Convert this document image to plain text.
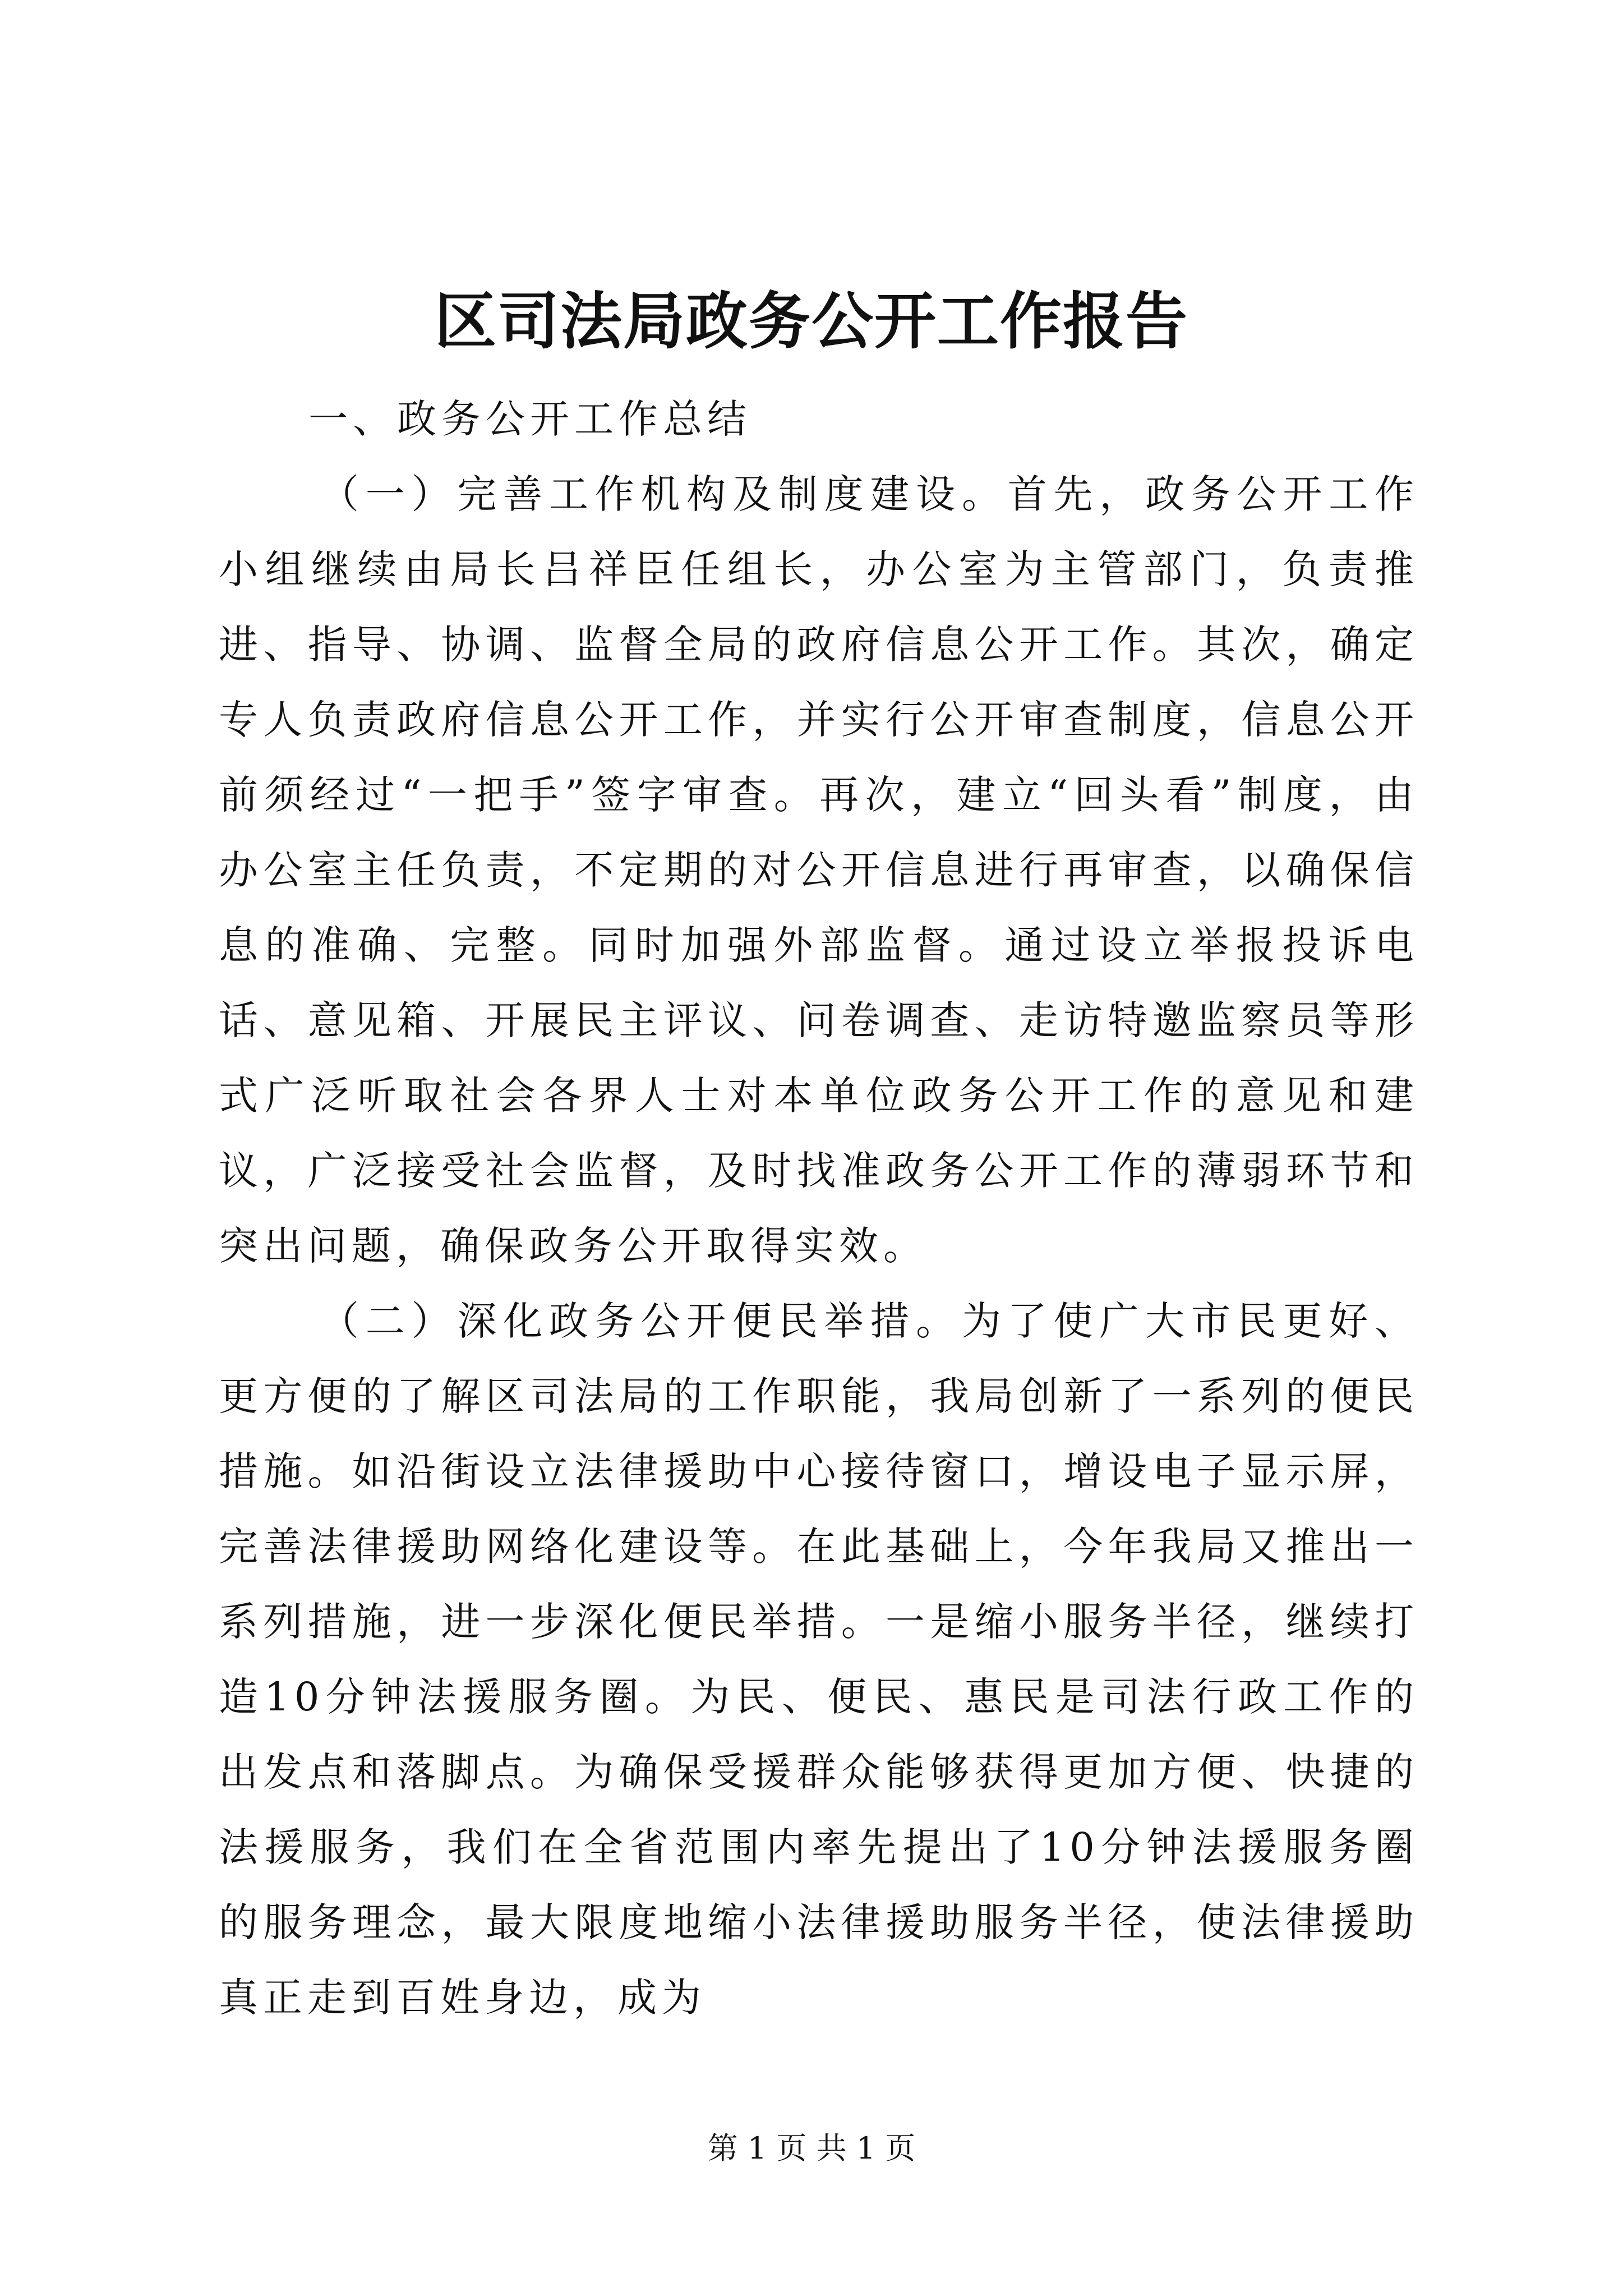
区司法局政务公开工作报告

一、政务公开工作总结

（一）完善工作机构及制度建设。首先，政务公开工作小组继续由局长吕祥臣任组长，办公室为主管部门，负责推进、指导、协调、监督全局的政府信息公开工作。其次，确定专人负责政府信息公开工作，并实行公开审查制度，信息公开前须经过“一把手”签字审查。再次，建立“回头看”制度，由办公室主任负责，不定期的对公开信息进行再审查，以确保信息的准确、完整。同时加强外部监督。通过设立举报投诉电话、意见箱、开展民主评议、问卷调查、走访特邀监察员等形式广泛听取社会各界人士对本单位政务公开工作的意见和建议，广泛接受社会监督，及时找准政务公开工作的薄弱环节和突出问题，确保政务公开取得实效。

（二）深化政务公开便民举措。为了使广大市民更好、更方便的了解区司法局的工作职能，我局创新了一系列的便民措施。如沿街设立法律援助中心接待窗口，增设电子显示屏，完善法律援助网络化建设等。在此基础上，今年我局又推出一系列措施，进一步深化便民举措。一是缩小服务半径，继续打造10分钟法援服务圈。为民、便民、惠民是司法行政工作的出发点和落脚点。为确保受援群众能够获得更加方便、快捷的法援服务，我们在全省范围内率先提出了10分钟法援服务圈的服务理念，最大限度地缩小法律援助服务半径，使法律援助真正走到百姓身边，成为

第 1 页 共 1 页
